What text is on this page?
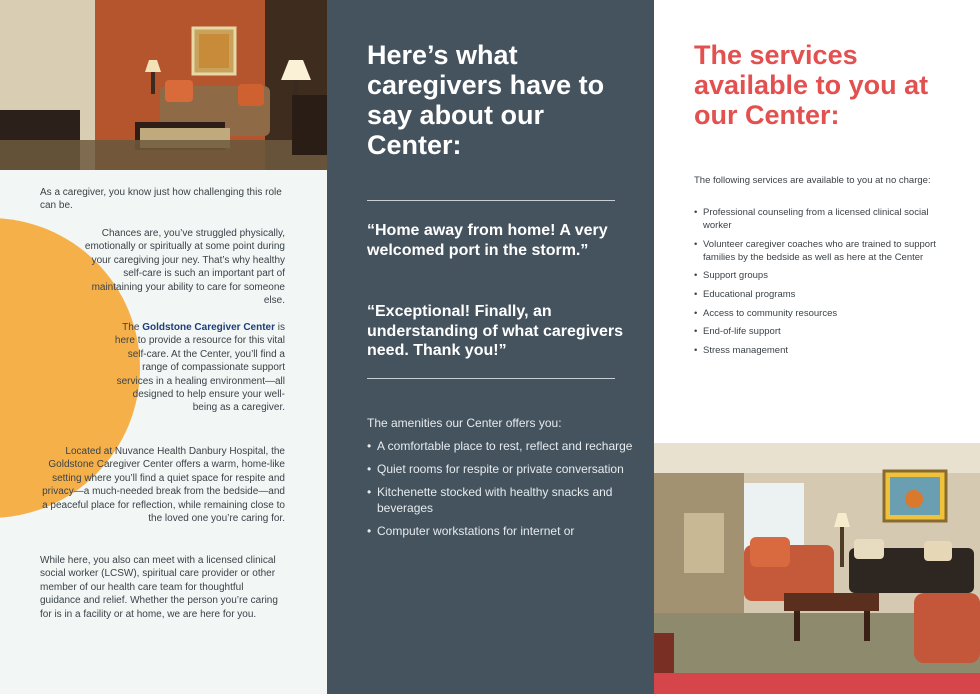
As a caregiver, you know just how challenging this role can be.

Chances are, you’ve struggled physically, emotionally or spiritually at some point during your caregiving jour ney. That’s why healthy self-care is such an important part of maintaining your ability to care for someone else.

The Goldstone Caregiver Center is here to provide a resource for this vital self-care. At the Center, you’ll find a range of compassionate support services in a healing environment—all designed to help ensure your well-being as a caregiver.

Located at Nuvance Health Danbury Hospital, the Goldstone Caregiver Center offers a warm, home-like setting where you’ll find a quiet space for respite and privacy—a much-needed break from the bedside—and a peaceful place for reflection, while remaining close to the loved one you’re caring for.

While here, you also can meet with a licensed clinical social worker (LCSW), spiritual care provider or other member of our health care team for thoughtful guidance and relief. Whether the person you’re caring for is in a facility or at home, we are here for you.

Here’s what caregivers have to say about our Center:

“Home away from home! A very welcomed port in the storm.”

“Exceptional! Finally, an understanding of what caregivers need. Thank you!”

The amenities our Center offers you:

• A comfortable place to rest, reflect and recharge
• Quiet rooms for respite or private conversation
• Kitchenette stocked with healthy snacks and beverages
• Computer workstations for internet or
The services available to you at our Center:

The following services are available to you at no charge:

• Professional counseling from a licensed clinical social worker
• Volunteer caregiver coaches who are trained to support families by the bedside as well as here at the Center
• Support groups
• Educational programs
• Access to community resources
• End-of-life support
• Stress management
